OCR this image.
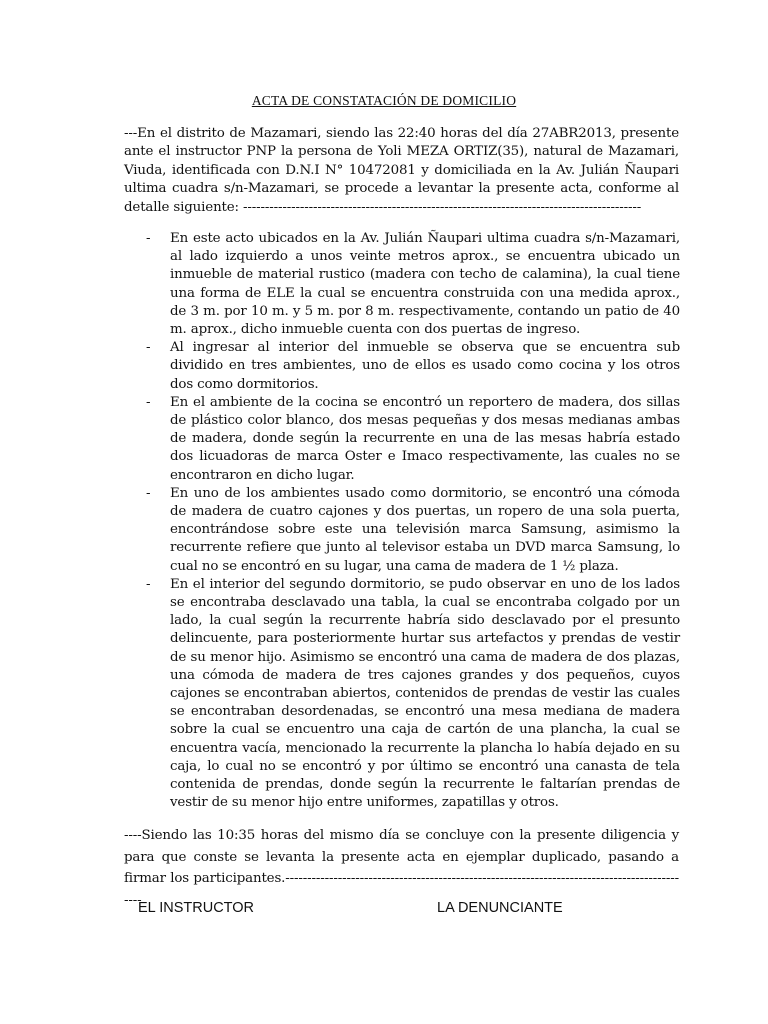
ACTA DE CONSTATACIÓN DE DOMICILIO
---En el distrito de Mazamari, siendo las 22:40 horas del día 27ABR2013, presente ante el instructor PNP la persona de Yoli MEZA ORTIZ(35), natural de Mazamari, Viuda, identificada con D.N.I N° 10472081 y domiciliada en la Av. Julián Ñaupari ultima cuadra s/n-Mazamari, se procede a levantar la presente acta, conforme al detalle siguiente: -------------------------------------------------------------------------------------------
- En este acto ubicados en la Av. Julián Ñaupari ultima cuadra s/n-Mazamari, al lado izquierdo a unos veinte metros aprox., se encuentra ubicado un inmueble de material rustico (madera con techo de calamina), la cual tiene una forma de ELE la cual se encuentra construida con una medida aprox., de 3 m. por 10 m. y 5 m. por 8 m. respectivamente, contando un patio de 40 m. aprox., dicho inmueble cuenta con dos puertas de ingreso.
- Al ingresar al interior del inmueble se observa que se encuentra sub dividido en tres ambientes, uno de ellos es usado como cocina y los otros dos como dormitorios.
- En el ambiente de la cocina se encontró un reportero de madera, dos sillas de plástico color blanco, dos mesas pequeñas y dos mesas medianas ambas de madera, donde según la recurrente en una de las mesas habría estado dos licuadoras de marca Oster e Imaco respectivamente, las cuales no se encontraron en dicho lugar.
- En uno de los ambientes usado como dormitorio, se encontró una cómoda de madera de cuatro cajones y dos puertas, un ropero de una sola puerta, encontrándose sobre este una televisión marca Samsung, asimismo la recurrente refiere que junto al televisor estaba un DVD marca Samsung, lo cual no se encontró en su lugar, una cama de madera de 1 ½ plaza.
- En el interior del segundo dormitorio, se pudo observar en uno de los lados se encontraba desclavado una tabla, la cual se encontraba colgado por un lado, la cual según la recurrente habría sido desclavado por el presunto delincuente, para posteriormente hurtar sus artefactos y prendas de vestir de su menor hijo. Asimismo se encontró una cama de madera de dos plazas, una cómoda de madera de tres cajones grandes y dos pequeños, cuyos cajones se encontraban abiertos, contenidos de prendas de vestir las cuales se encontraban desordenadas, se encontró una mesa mediana de madera sobre la cual se encuentro una caja de cartón de una plancha, la cual se encuentra vacía, mencionado la recurrente la plancha lo había dejado en su caja, lo cual no se encontró y por último se encontró una canasta de tela contenida de prendas, donde según la recurrente le faltarían prendas de vestir de su menor hijo entre uniformes, zapatillas y otros.
----Siendo las 10:35 horas del mismo día se concluye con la presente diligencia y para que conste se levanta la presente acta en ejemplar duplicado, pasando a firmar los participantes.----------------------------------------------------------------------------------------------
EL INSTRUCTOR	LA DENUNCIANTE
